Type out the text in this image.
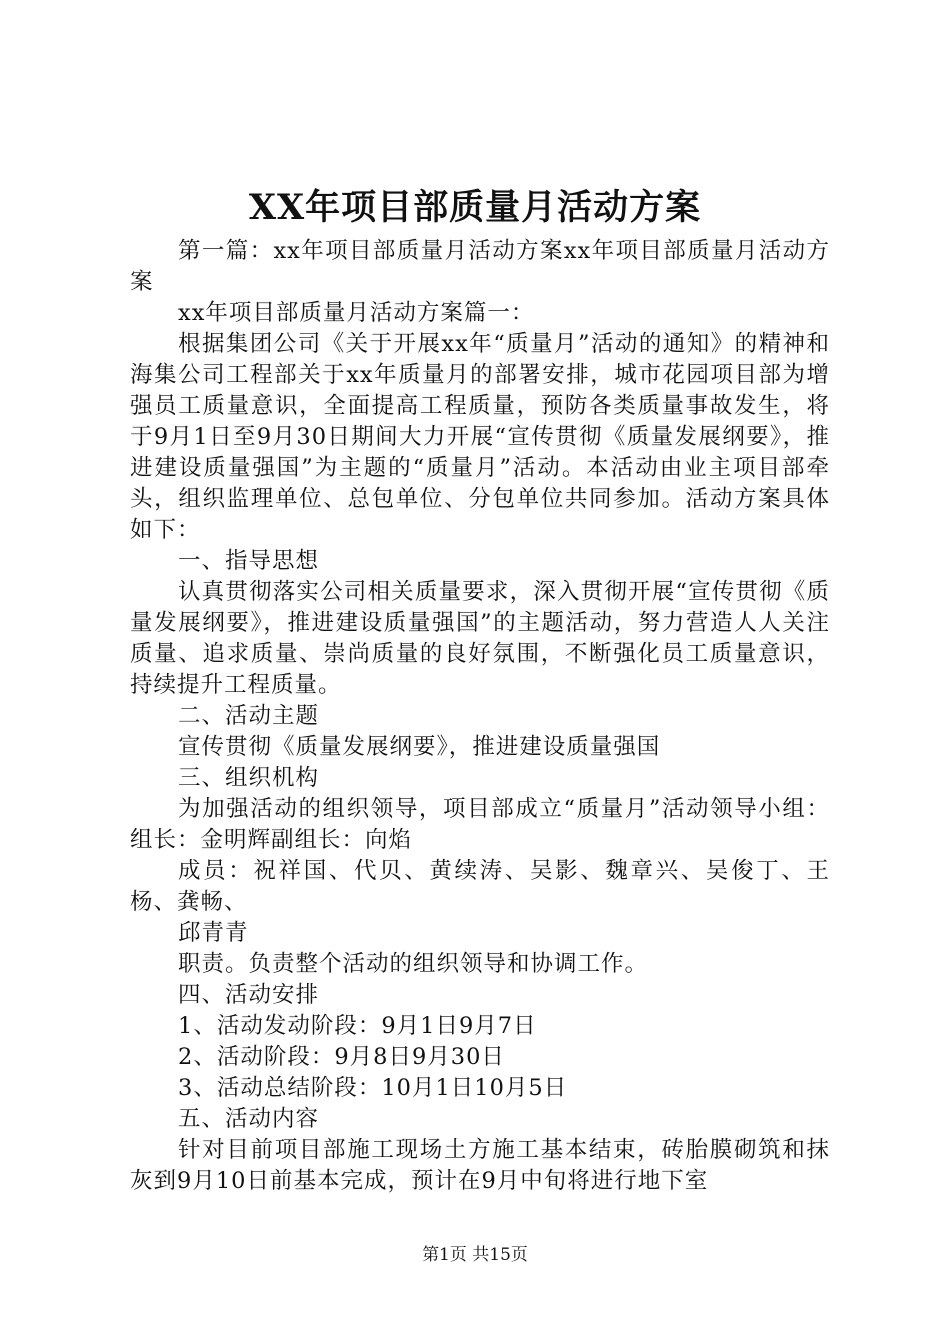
XX年项目部质量月活动方案

第一篇：xx年项目部质量月活动方案xx年项目部质量月活动方案

xx年项目部质量月活动方案篇一：

根据集团公司《关于开展xx年“质量月”活动的通知》的精神和海集公司工程部关于xx年质量月的部署安排，城市花园项目部为增强员工质量意识，全面提高工程质量，预防各类质量事故发生，将于9月1日至9月30日期间大力开展“宣传贯彻《质量发展纲要》，推进建设质量强国”为主题的“质量月”活动。本活动由业主项目部牵头，组织监理单位、总包单位、分包单位共同参加。活动方案具体如下：

一、指导思想

认真贯彻落实公司相关质量要求，深入贯彻开展“宣传贯彻《质量发展纲要》，推进建设质量强国”的主题活动，努力营造人人关注质量、追求质量、崇尚质量的良好氛围，不断强化员工质量意识，持续提升工程质量。

二、活动主题

宣传贯彻《质量发展纲要》，推进建设质量强国

三、组织机构

为加强活动的组织领导，项目部成立“质量月”活动领导小组：组长：金明辉副组长：向焰

成员：祝祥国、代贝、黄续涛、吴影、魏章兴、吴俊丁、王杨、龚畅、

邱青青

职责。负责整个活动的组织领导和协调工作。

四、活动安排

1、活动发动阶段：9月1日9月7日

2、活动阶段：9月8日9月30日

3、活动总结阶段：10月1日10月5日

五、活动内容

针对目前项目部施工现场土方施工基本结束，砖胎膜砌筑和抹灰到9月10日前基本完成，预计在9月中旬将进行地下室

第1页 共15页
